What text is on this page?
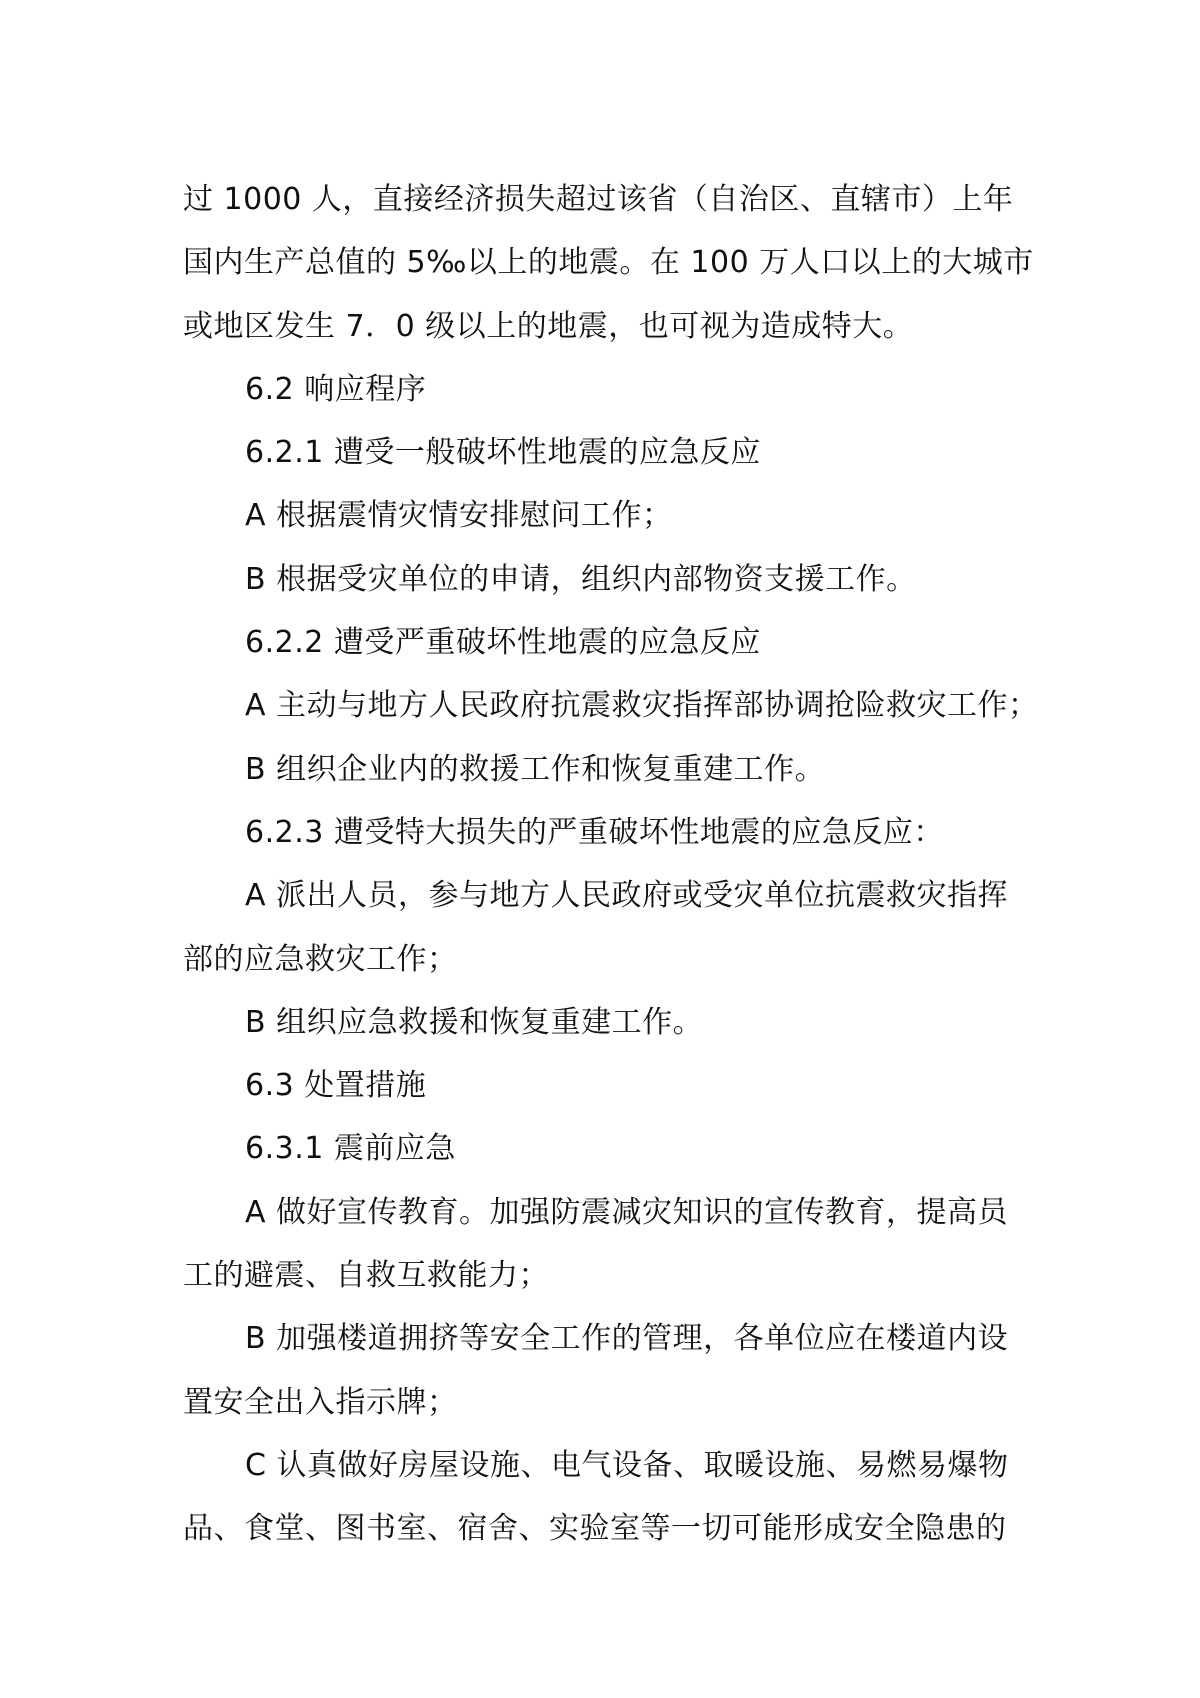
过 1000 人，直接经济损失超过该省（自治区、直辖市）上年
国内生产总值的 5‰以上的地震。在 100 万人口以上的大城市
或地区发生 7．0 级以上的地震，也可视为造成特大。
6.2 响应程序
6.2.1 遭受一般破坏性地震的应急反应
A 根据震情灾情安排慰问工作；
B 根据受灾单位的申请，组织内部物资支援工作。
6.2.2 遭受严重破坏性地震的应急反应
A 主动与地方人民政府抗震救灾指挥部协调抢险救灾工作；
B 组织企业内的救援工作和恢复重建工作。
6.2.3 遭受特大损失的严重破坏性地震的应急反应：
A 派出人员，参与地方人民政府或受灾单位抗震救灾指挥
部的应急救灾工作；
B 组织应急救援和恢复重建工作。
6.3 处置措施
6.3.1 震前应急
A 做好宣传教育。加强防震减灾知识的宣传教育，提高员
工的避震、自救互救能力；
B 加强楼道拥挤等安全工作的管理，各单位应在楼道内设
置安全出入指示牌；
C 认真做好房屋设施、电气设备、取暖设施、易燃易爆物
品、食堂、图书室、宿舍、实验室等一切可能形成安全隐患的
